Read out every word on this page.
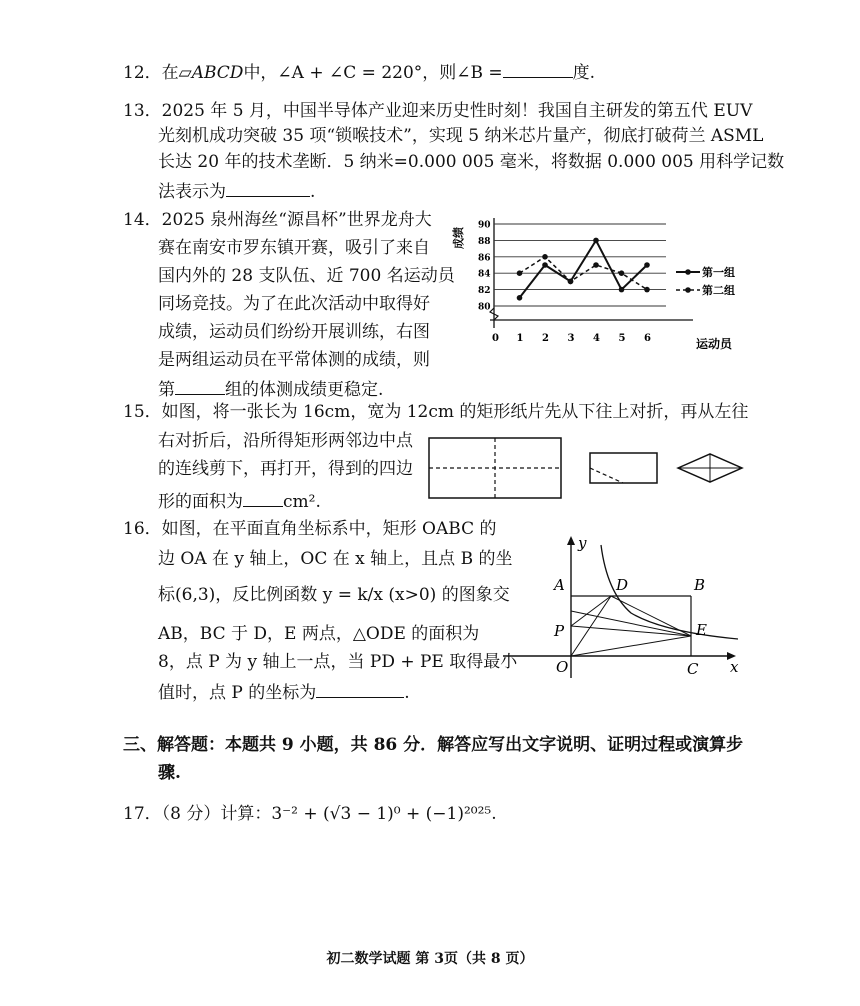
12．在▱ABCD中，∠A + ∠C = 220°，则∠B =	度.
13．2025 年 5 月，中国半导体产业迎来历史性时刻！我国自主研发的第五代 EUV
光刻机成功突破 35 项“锁喉技术”，实现 5 纳米芯片量产，彻底打破荷兰 ASML
长达 20 年的技术垄断．5 纳米=0.000 005 毫米，将数据 0.000 005 用科学记数
法表示为	.
14．2025 泉州海丝“源昌杯”世界龙舟大
赛在南安市罗东镇开赛，吸引了来自
国内外的 28 支队伍、近 700 名运动员
同场竞技。为了在此次活动中取得好
成绩，运动员们纷纷开展训练，右图
是两组运动员在平常体测的成绩，则
第	组的体测成绩更稳定.
成绩
运动员
0
80
82
84
86
88
90
1 2 3 4 5 6
第一组
第二组
15．如图，将一张长为 16cm，宽为 12cm 的矩形纸片先从下往上对折，再从左往
右对折后，沿所得矩形两邻边中点
的连线剪下，再打开，得到的四边
形的面积为 cm².
16．如图，在平面直角坐标系中，矩形 OABC 的
边 OA 在 y 轴上，OC 在 x 轴上，且点 B 的坐
标(6,3)，反比例函数 y = k/x (x>0) 的图象交
AB，BC 于 D，E 两点，△ODE 的面积为
8，点 P 为 y 轴上一点，当 PD + PE 取得最小
值时，点 P 的坐标为	.
y
x
A	D	B
P	E
O	C
三、解答题：本题共 9 小题，共 86 分．解答应写出文字说明、证明过程或演算步
骤.
17．（8 分）计算：3⁻² + (√3 − 1)⁰ + (−1)²⁰²⁵.
初二数学试题 第 3页（共 8 页）
